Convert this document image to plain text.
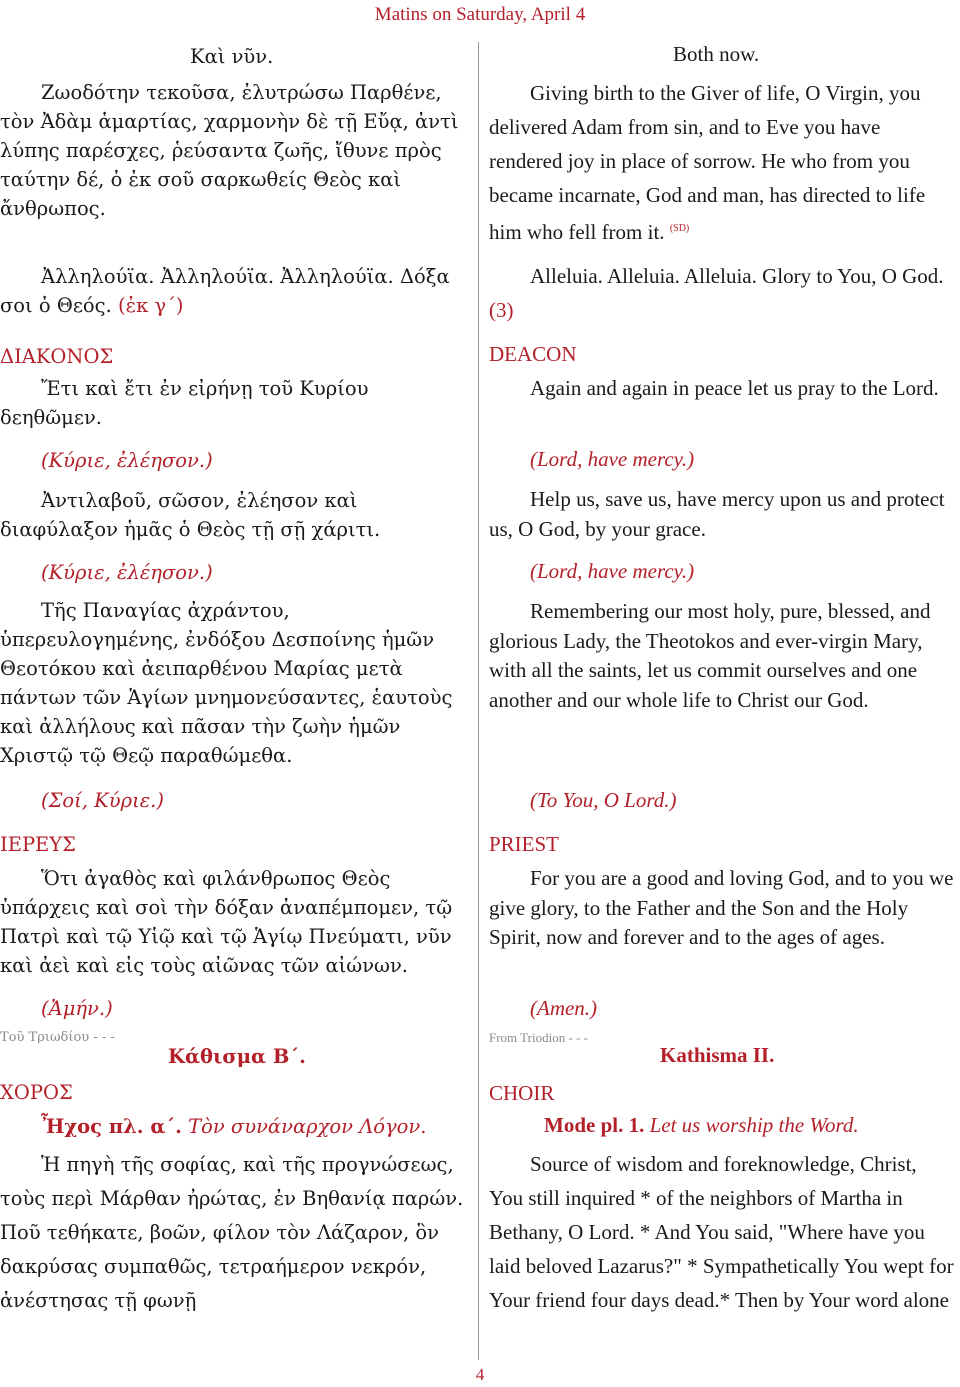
Matins on Saturday, April 4
Καὶ νῦν.

Ζωοδότην τεκοῦσα, ἐλυτρώσω Παρθένε, τὸν Ἀδὰμ ἁμαρτίας, χαρμονὴν δὲ τῇ Εὔᾳ, ἀντὶ λύπης παρέσχες, ῥεύσαντα ζωῆς, ἴθυνε πρὸς ταύτην δέ, ὁ ἐκ σοῦ σαρκωθείς Θεὸς καὶ ἄνθρωπος.

Ἀλληλούϊα. Ἀλληλούϊα. Ἀλληλούϊα. Δόξα σοι ὁ Θεός. (ἐκ γ΄)

ΔΙΑΚΟΝΟΣ

Ἔτι καὶ ἔτι ἐν εἰρήνῃ τοῦ Κυρίου δεηθῶμεν.

(Κύριε, ἐλέησον.)

Ἀντιλαβοῦ, σῶσον, ἐλέησον καὶ διαφύλαξον ἡμᾶς ὁ Θεὸς τῇ σῇ χάριτι.

(Κύριε, ἐλέησον.)

Τῆς Παναγίας ἀχράντου, ὑπερευλογημένης, ἐνδόξου Δεσποίνης ἡμῶν Θεοτόκου καὶ ἀειπαρθένου Μαρίας μετὰ πάντων τῶν Ἁγίων μνημονεύσαντες, ἑαυτοὺς καὶ ἀλλήλους καὶ πᾶσαν τὴν ζωὴν ἡμῶν Χριστῷ τῷ Θεῷ παραθώμεθα.

(Σοί, Κύριε.)
ΙΕΡΕΥΣ

Ὅτι ἀγαθὸς καὶ φιλάνθρωπος Θεὸς ὑπάρχεις καὶ σοὶ τὴν δόξαν ἀναπέμπομεν, τῷ Πατρὶ καὶ τῷ Υἱῷ καὶ τῷ Ἁγίῳ Πνεύματι, νῦν καὶ ἀεὶ καὶ εἰς τοὺς αἰῶνας τῶν αἰώνων.

(Ἀμήν.)
Τοῦ Τριωδίου - - -
Κάθισμα Β΄.
ΧΟΡΟΣ
Ἦχος πλ. α΄. Τὸν συνάναρχον Λόγον.

Ἡ πηγὴ τῆς σοφίας, καὶ τῆς προγνώσεως, τοὺς περὶ Μάρθαν ἠρώτας, ἐν Βηθανίᾳ παρών. Ποῦ τεθήκατε, βοῶν, φίλον τὸν Λάζαρον, ὃν δακρύσας συμπαθῶς, τετραήμερον νεκρόν, ἀνέστησας τῇ φωνῇ

Both now.

Giving birth to the Giver of life, O Virgin, you delivered Adam from sin, and to Eve you have rendered joy in place of sorrow. He who from you became incarnate, God and man, has directed to life him who fell from it. $^{(SD)}$

Alleluia. Alleluia. Alleluia. Glory to You, O God. (3)

DEACON

Again and again in peace let us pray to the Lord.

(Lord, have mercy.)

Help us, save us, have mercy upon us and protect us, O God, by your grace.

(Lord, have mercy.)

Remembering our most holy, pure, blessed, and glorious Lady, the Theotokos and ever-virgin Mary, with all the saints, let us commit ourselves and one another and our whole life to Christ our God.

(To You, O Lord.)
PRIEST

For you are a good and loving God, and to you we give glory, to the Father and the Son and the Holy Spirit, now and forever and to the ages of ages.

(Amen.)
From Triodion - - -
Kathisma II.
CHOIR
Mode pl. 1. Let us worship the Word.

Source of wisdom and foreknowledge, Christ, You still inquired * of the neighbors of Martha in Bethany, O Lord. * And You said, "Where have you laid beloved Lazarus?" * Sympathetically You wept for Your friend four days dead.* Then by Your word alone

4
